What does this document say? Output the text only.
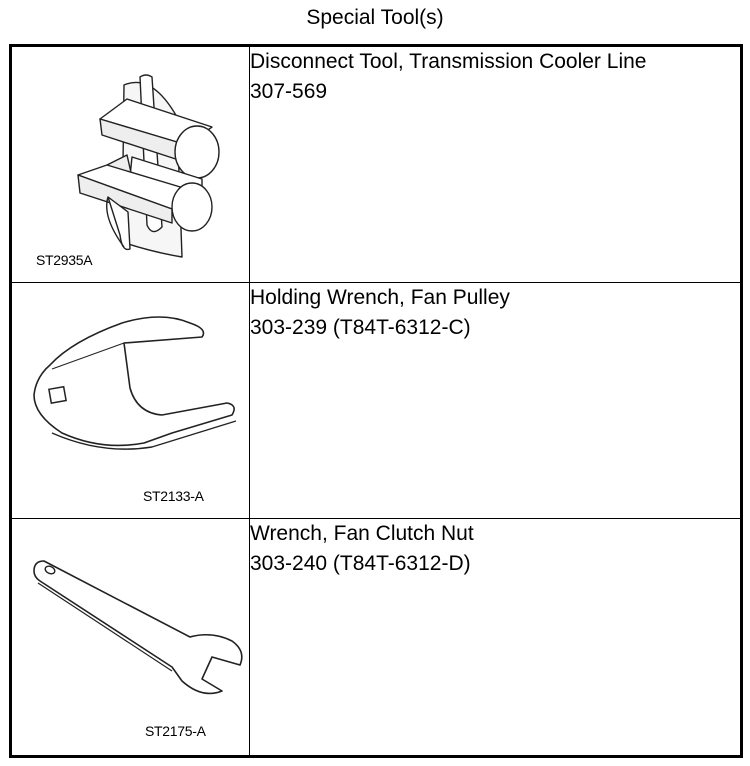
Special Tool(s)
ST2935A	Disconnect Tool, Transmission Cooler Line
307-569

ST2133-A	Holding Wrench, Fan Pulley
303-239 (T84T-6312-C)

ST2175-A	Wrench, Fan Clutch Nut
303-240 (T84T-6312-D)
